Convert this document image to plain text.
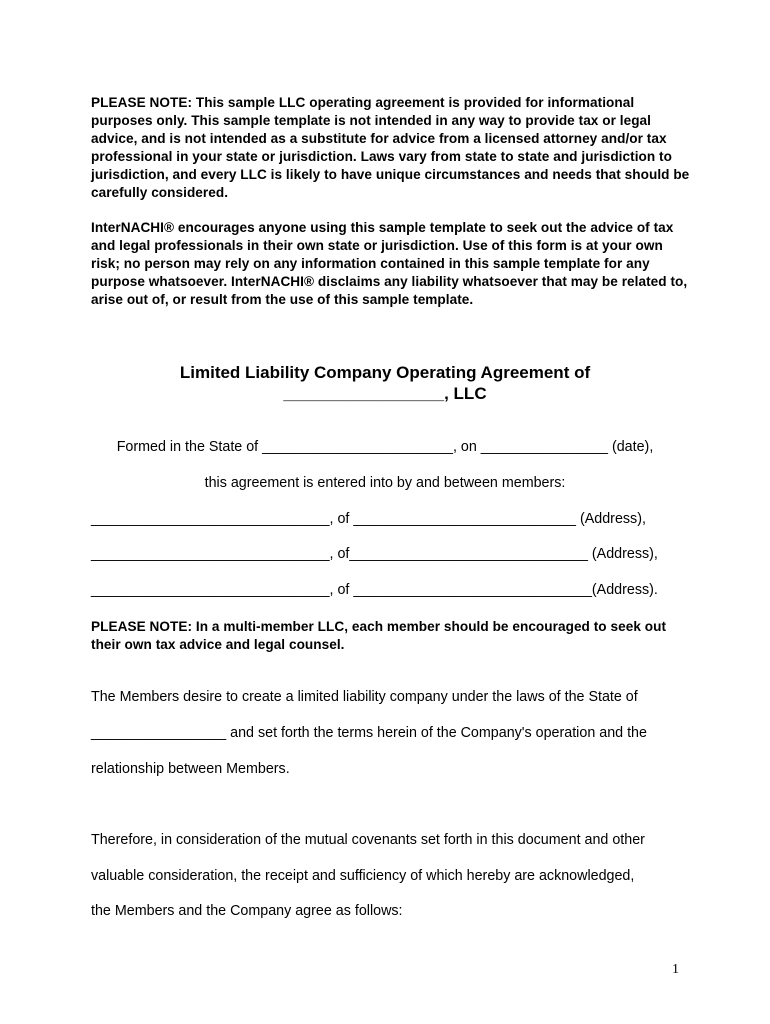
PLEASE NOTE: This sample LLC operating agreement is provided for informational purposes only. This sample template is not intended in any way to provide tax or legal advice, and is not intended as a substitute for advice from a licensed attorney and/or tax professional in your state or jurisdiction. Laws vary from state to state and jurisdiction to jurisdiction, and every LLC is likely to have unique circumstances and needs that should be carefully considered.

InterNACHI® encourages anyone using this sample template to seek out the advice of tax and legal professionals in their own state or jurisdiction. Use of this form is at your own risk; no person may rely on any information contained in this sample template for any purpose whatsoever. InterNACHI® disclaims any liability whatsoever that may be related to, arise out of, or result from the use of this sample template.

Limited Liability Company Operating Agreement of

_________________, LLC

Formed in the State of ________________________, on ________________ (date),

this agreement is entered into by and between members:

______________________________, of ____________________________ (Address),

______________________________, of______________________________ (Address),

______________________________, of ______________________________(Address).

PLEASE NOTE: In a multi-member LLC, each member should be encouraged to seek out their own tax advice and legal counsel.

The Members desire to create a limited liability company under the laws of the State of

_________________ and set forth the terms herein of the Company's operation and the

relationship between Members.

Therefore, in consideration of the mutual covenants set forth in this document and other

valuable consideration, the receipt and sufficiency of which hereby are acknowledged,

the Members and the Company agree as follows:

1
